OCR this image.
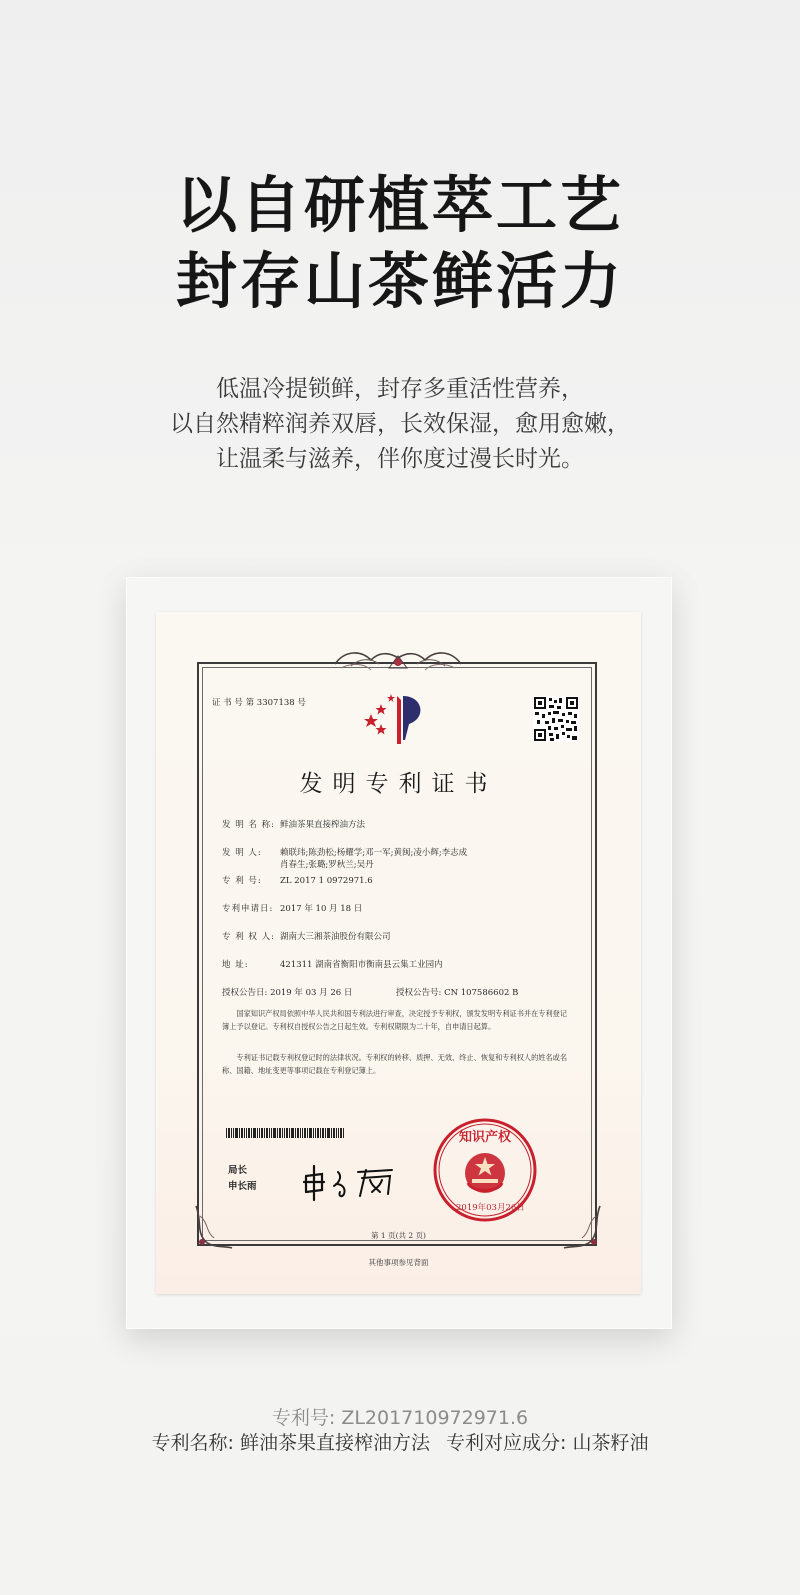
以自研植萃工艺
封存山茶鲜活力
低温冷提锁鲜，封存多重活性营养，
以自然精粹润养双唇，长效保湿，愈用愈嫩，
让温柔与滋养，伴你度过漫长时光。
证 书 号 第 3307138 号
发明专利证书
发 明 名 称: 鲜油茶果直接榨油方法
发 明 人: 赖联玮;陈劲松;杨耀学;邓一军;黄闽;凌小辉;李志成
肖春生;张璐;罗秋兰;吴丹
专 利 号: ZL 2017 1 0972971.6
专利申请日: 2017 年 10 月 18 日
专 利 权 人: 湖南大三湘茶油股份有限公司
地 址:	421311 湖南省衡阳市衡南县云集工业园内
授权公告日: 2019 年 03 月 26 日	授权公告号: CN 107586602 B
国家知识产权局依照中华人民共和国专利法进行审查，决定授予专利权，颁发发明专利证书并在专利登记簿上予以登记。专利权自授权公告之日起生效。专利权期限为二十年，自申请日起算。
专利证书记载专利权登记时的法律状况。专利权的转移、质押、无效、终止、恢复和专利权人的姓名或名称、国籍、地址变更等事项记载在专利登记簿上。
局长
申长雨
知识产权
2019年03月26日
第 1 页(共 2 页)
其他事项参见背面
专利号: ZL201710972971.6
专利名称: 鲜油茶果直接榨油方法 专利对应成分: 山茶籽油
